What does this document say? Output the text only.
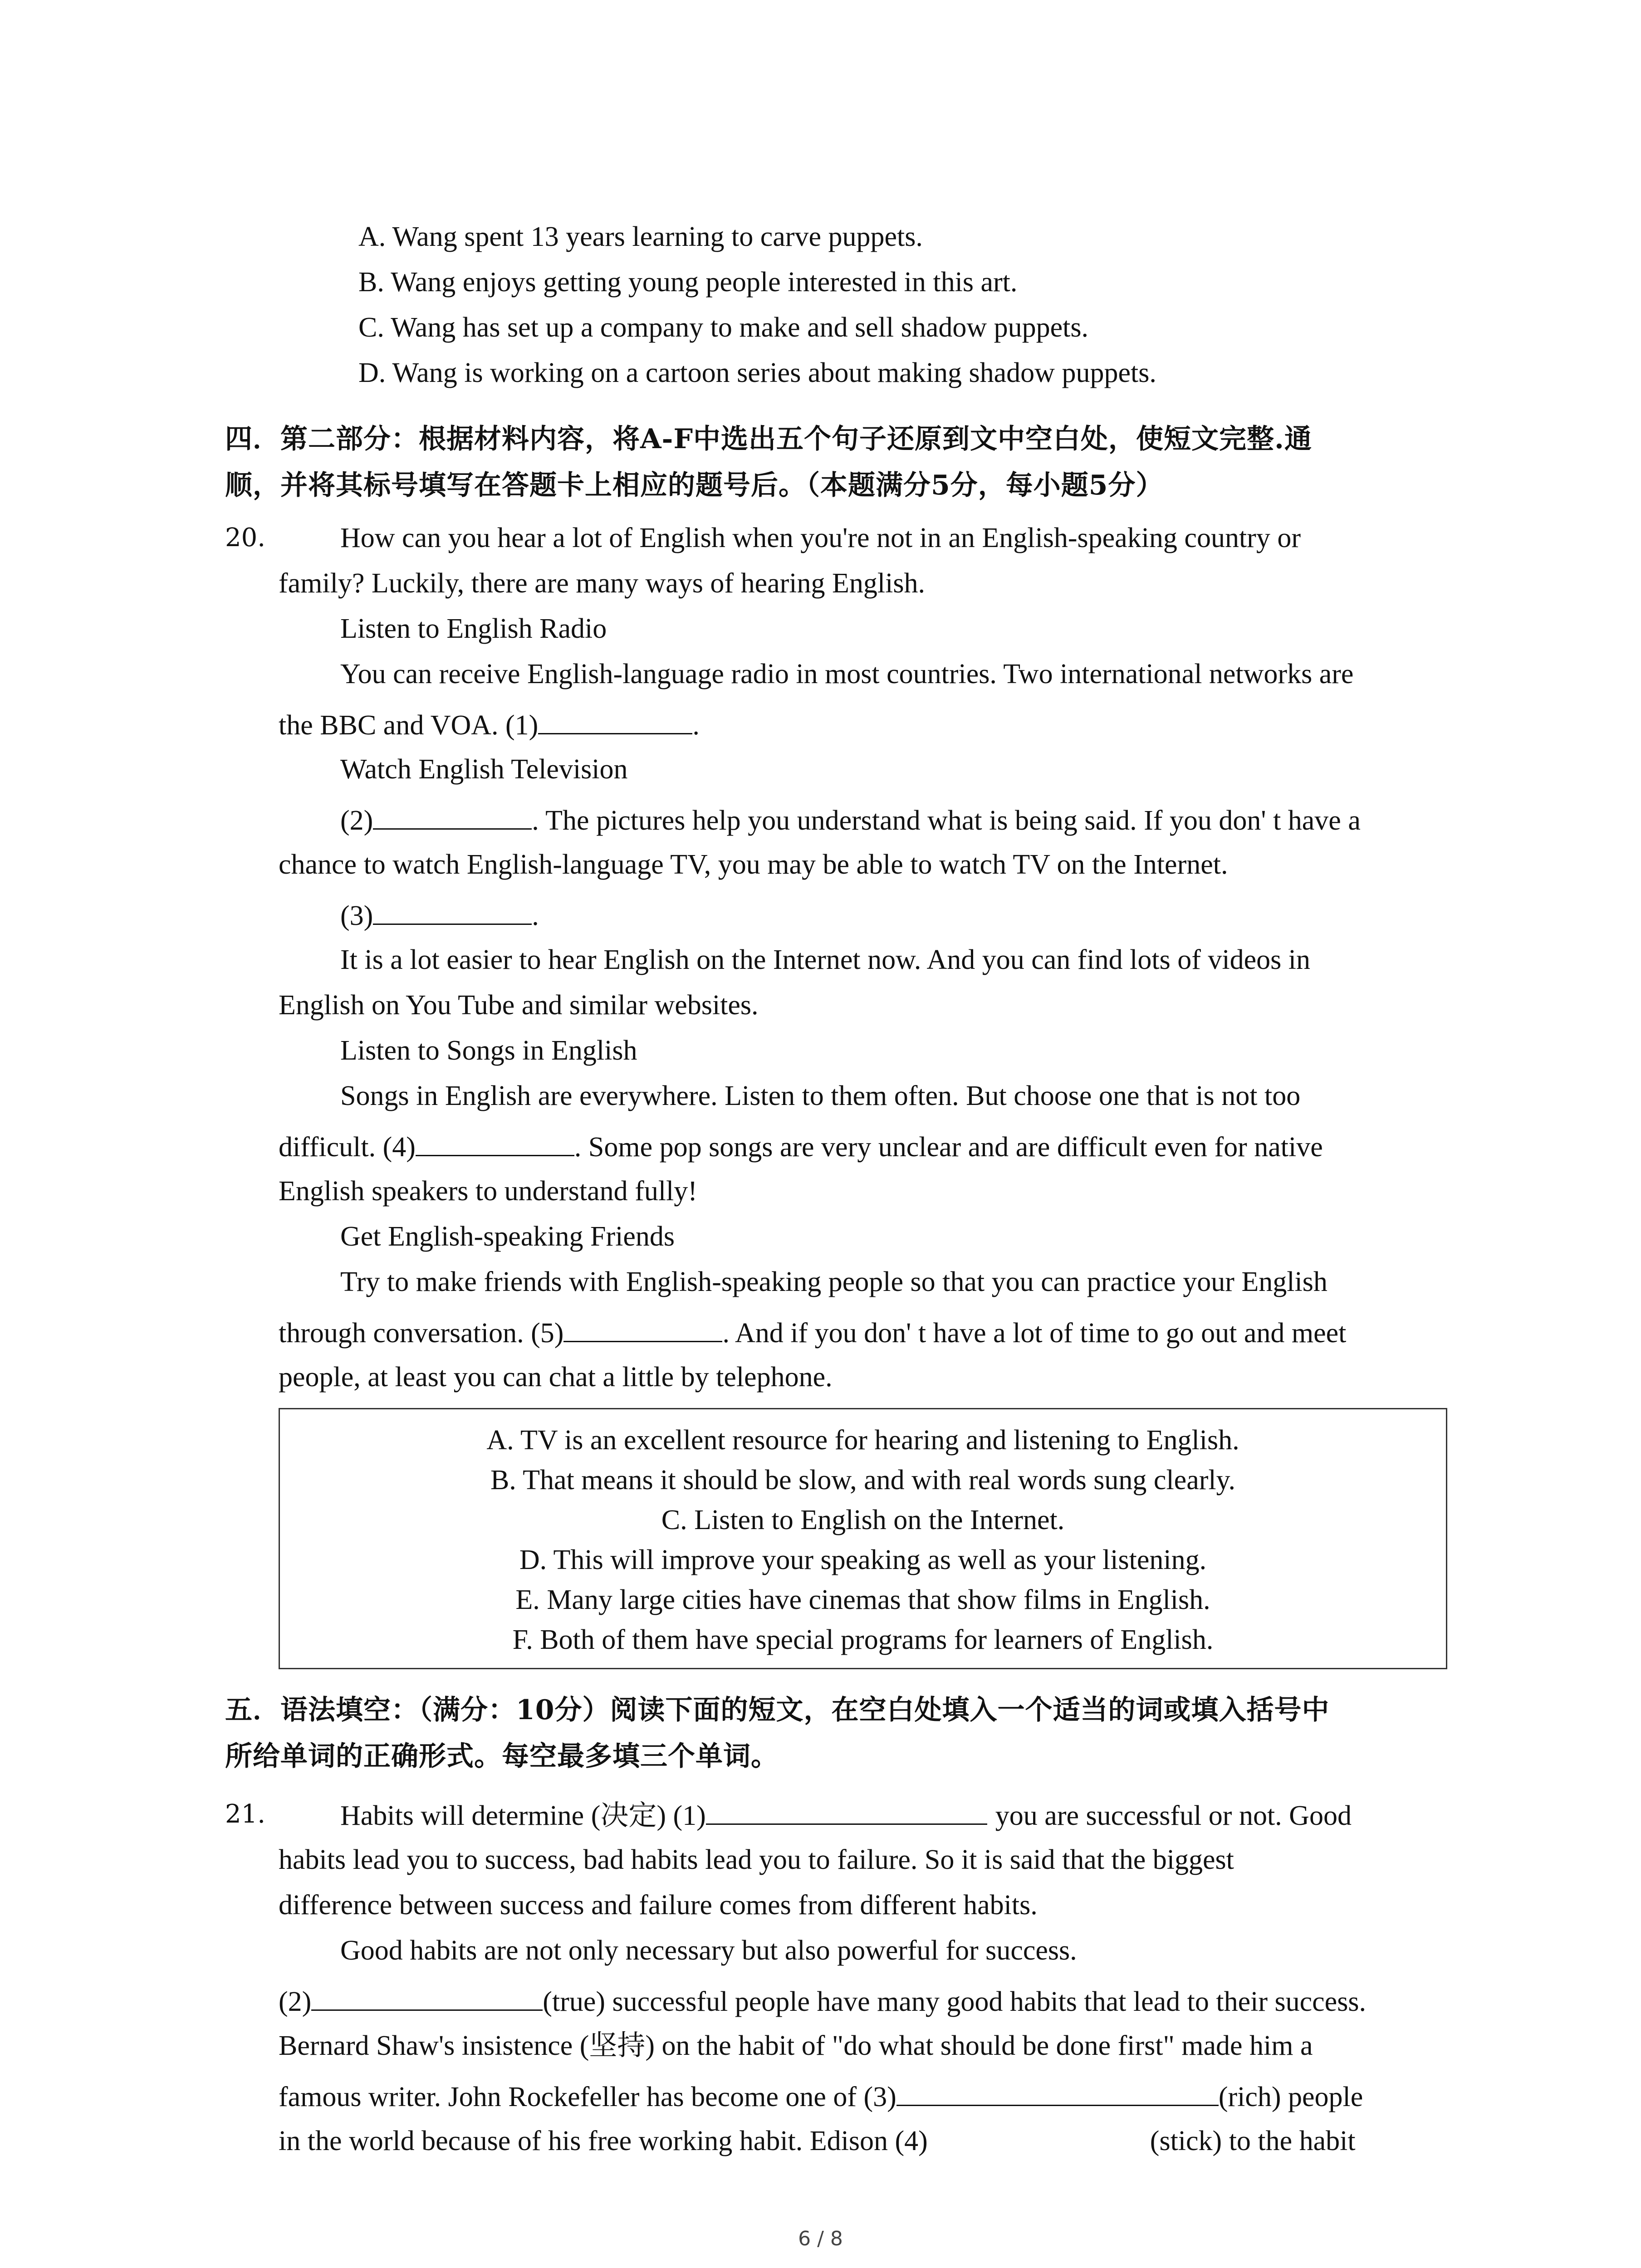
A. Wang spent 13 years learning to carve puppets.
B. Wang enjoys getting young people interested in this art.
C. Wang has set up a company to make and sell shadow puppets.
D. Wang is working on a cartoon series about making shadow puppets.
四．第二部分：根据材料内容，将A-F中选出五个句子还原到文中空白处，使短文完整.通
顺，并将其标号填写在答题卡上相应的题号后。（本题满分5分，每小题5分）
20.	How can you hear a lot of English when you're not in an English-speaking country or
family? Luckily, there are many ways of hearing English.
Listen to English Radio
You can receive English-language radio in most countries. Two international networks are
the BBC and VOA. (1)	.
Watch English Television
(2)	. The pictures help you understand what is being said. If you don' t have a
chance to watch English-language TV, you may be able to watch TV on the Internet.
(3)	.
It is a lot easier to hear English on the Internet now. And you can find lots of videos in
English on You Tube and similar websites.
Listen to Songs in English
Songs in English are everywhere. Listen to them often. But choose one that is not too
difficult. (4)	. Some pop songs are very unclear and are difficult even for native
English speakers to understand fully!
Get English-speaking Friends
Try to make friends with English-speaking people so that you can practice your English
through conversation. (5)	. And if you don' t have a lot of time to go out and meet
people, at least you can chat a little by telephone.
A. TV is an excellent resource for hearing and listening to English.
B. That means it should be slow, and with real words sung clearly.
C. Listen to English on the Internet.
D. This will improve your speaking as well as your listening.
E. Many large cities have cinemas that show films in English.
F. Both of them have special programs for learners of English.
五．语法填空：（满分：10分）阅读下面的短文，在空白处填入一个适当的词或填入括号中
所给单词的正确形式。每空最多填三个单词。
21.	Habits will determine (决定) (1)	you are successful or not. Good
habits lead you to success, bad habits lead you to failure. So it is said that the biggest
difference between success and failure comes from different habits.
Good habits are not only necessary but also powerful for success.
(2)	(true) successful people have many good habits that lead to their success.
Bernard Shaw's insistence (坚持) on the habit of "do what should be done first" made him a
famous writer. John Rockefeller has become one of (3)	(rich) people
in the world because of his free working habit. Edison (4)	(stick) to the habit
6 / 8
